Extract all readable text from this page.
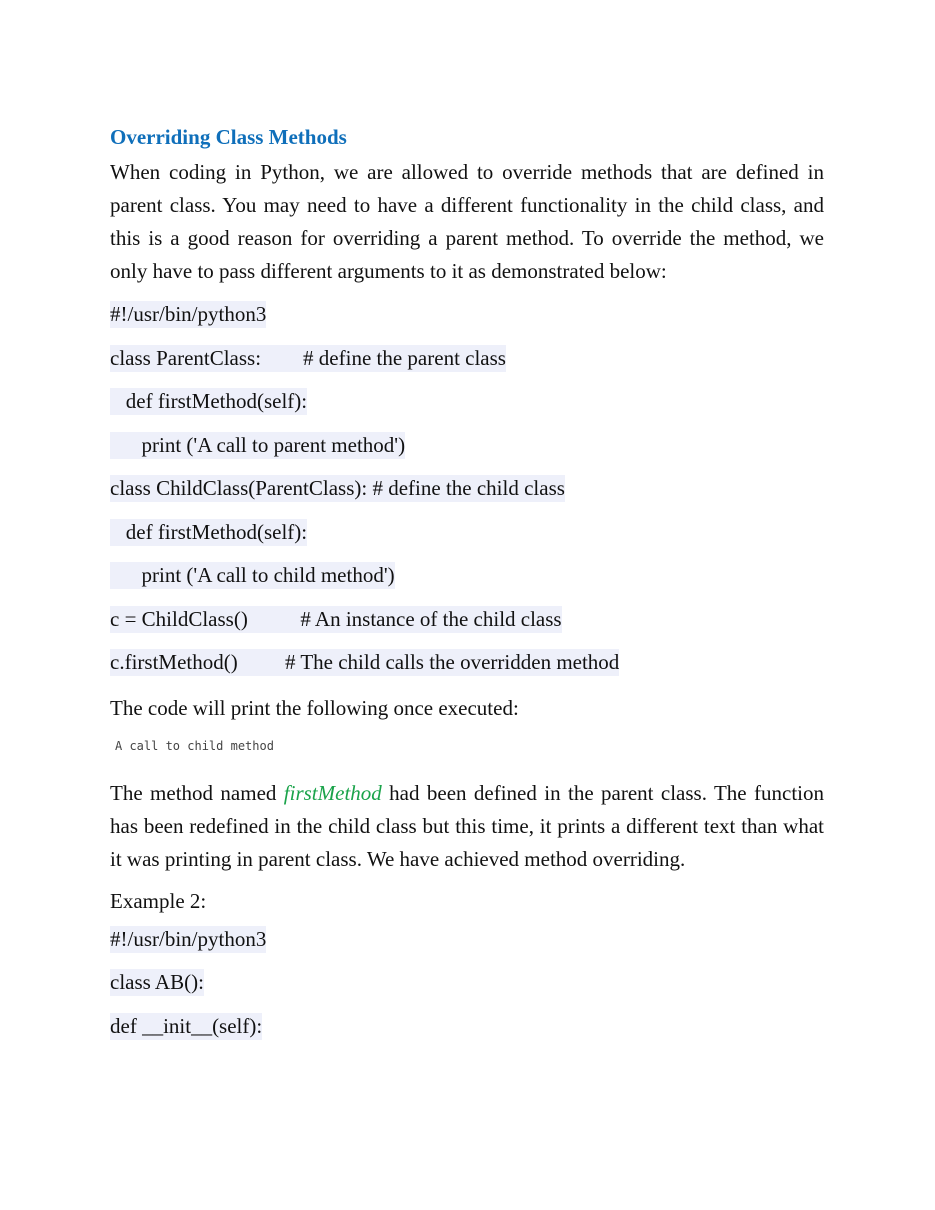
Overriding Class Methods

When coding in Python, we are allowed to override methods that are defined in parent class. You may need to have a different functionality in the child class, and this is a good reason for overriding a parent method. To override the method, we only have to pass different arguments to it as demonstrated below:

#!/usr/bin/python3
class ParentClass:        # define the parent class
def firstMethod(self):
print ('A call to parent method')
class ChildClass(ParentClass): # define the child class
def firstMethod(self):
print ('A call to child method')
c = ChildClass()          # An instance of the child class
c.firstMethod()         # The child calls the overridden method
The code will print the following once executed:
A call to child method

The method named firstMethod had been defined in the parent class. The function has been redefined in the child class but this time, it prints a different text than what it was printing in parent class. We have achieved method overriding.

Example 2:
#!/usr/bin/python3
class AB():
def __init__(self):
